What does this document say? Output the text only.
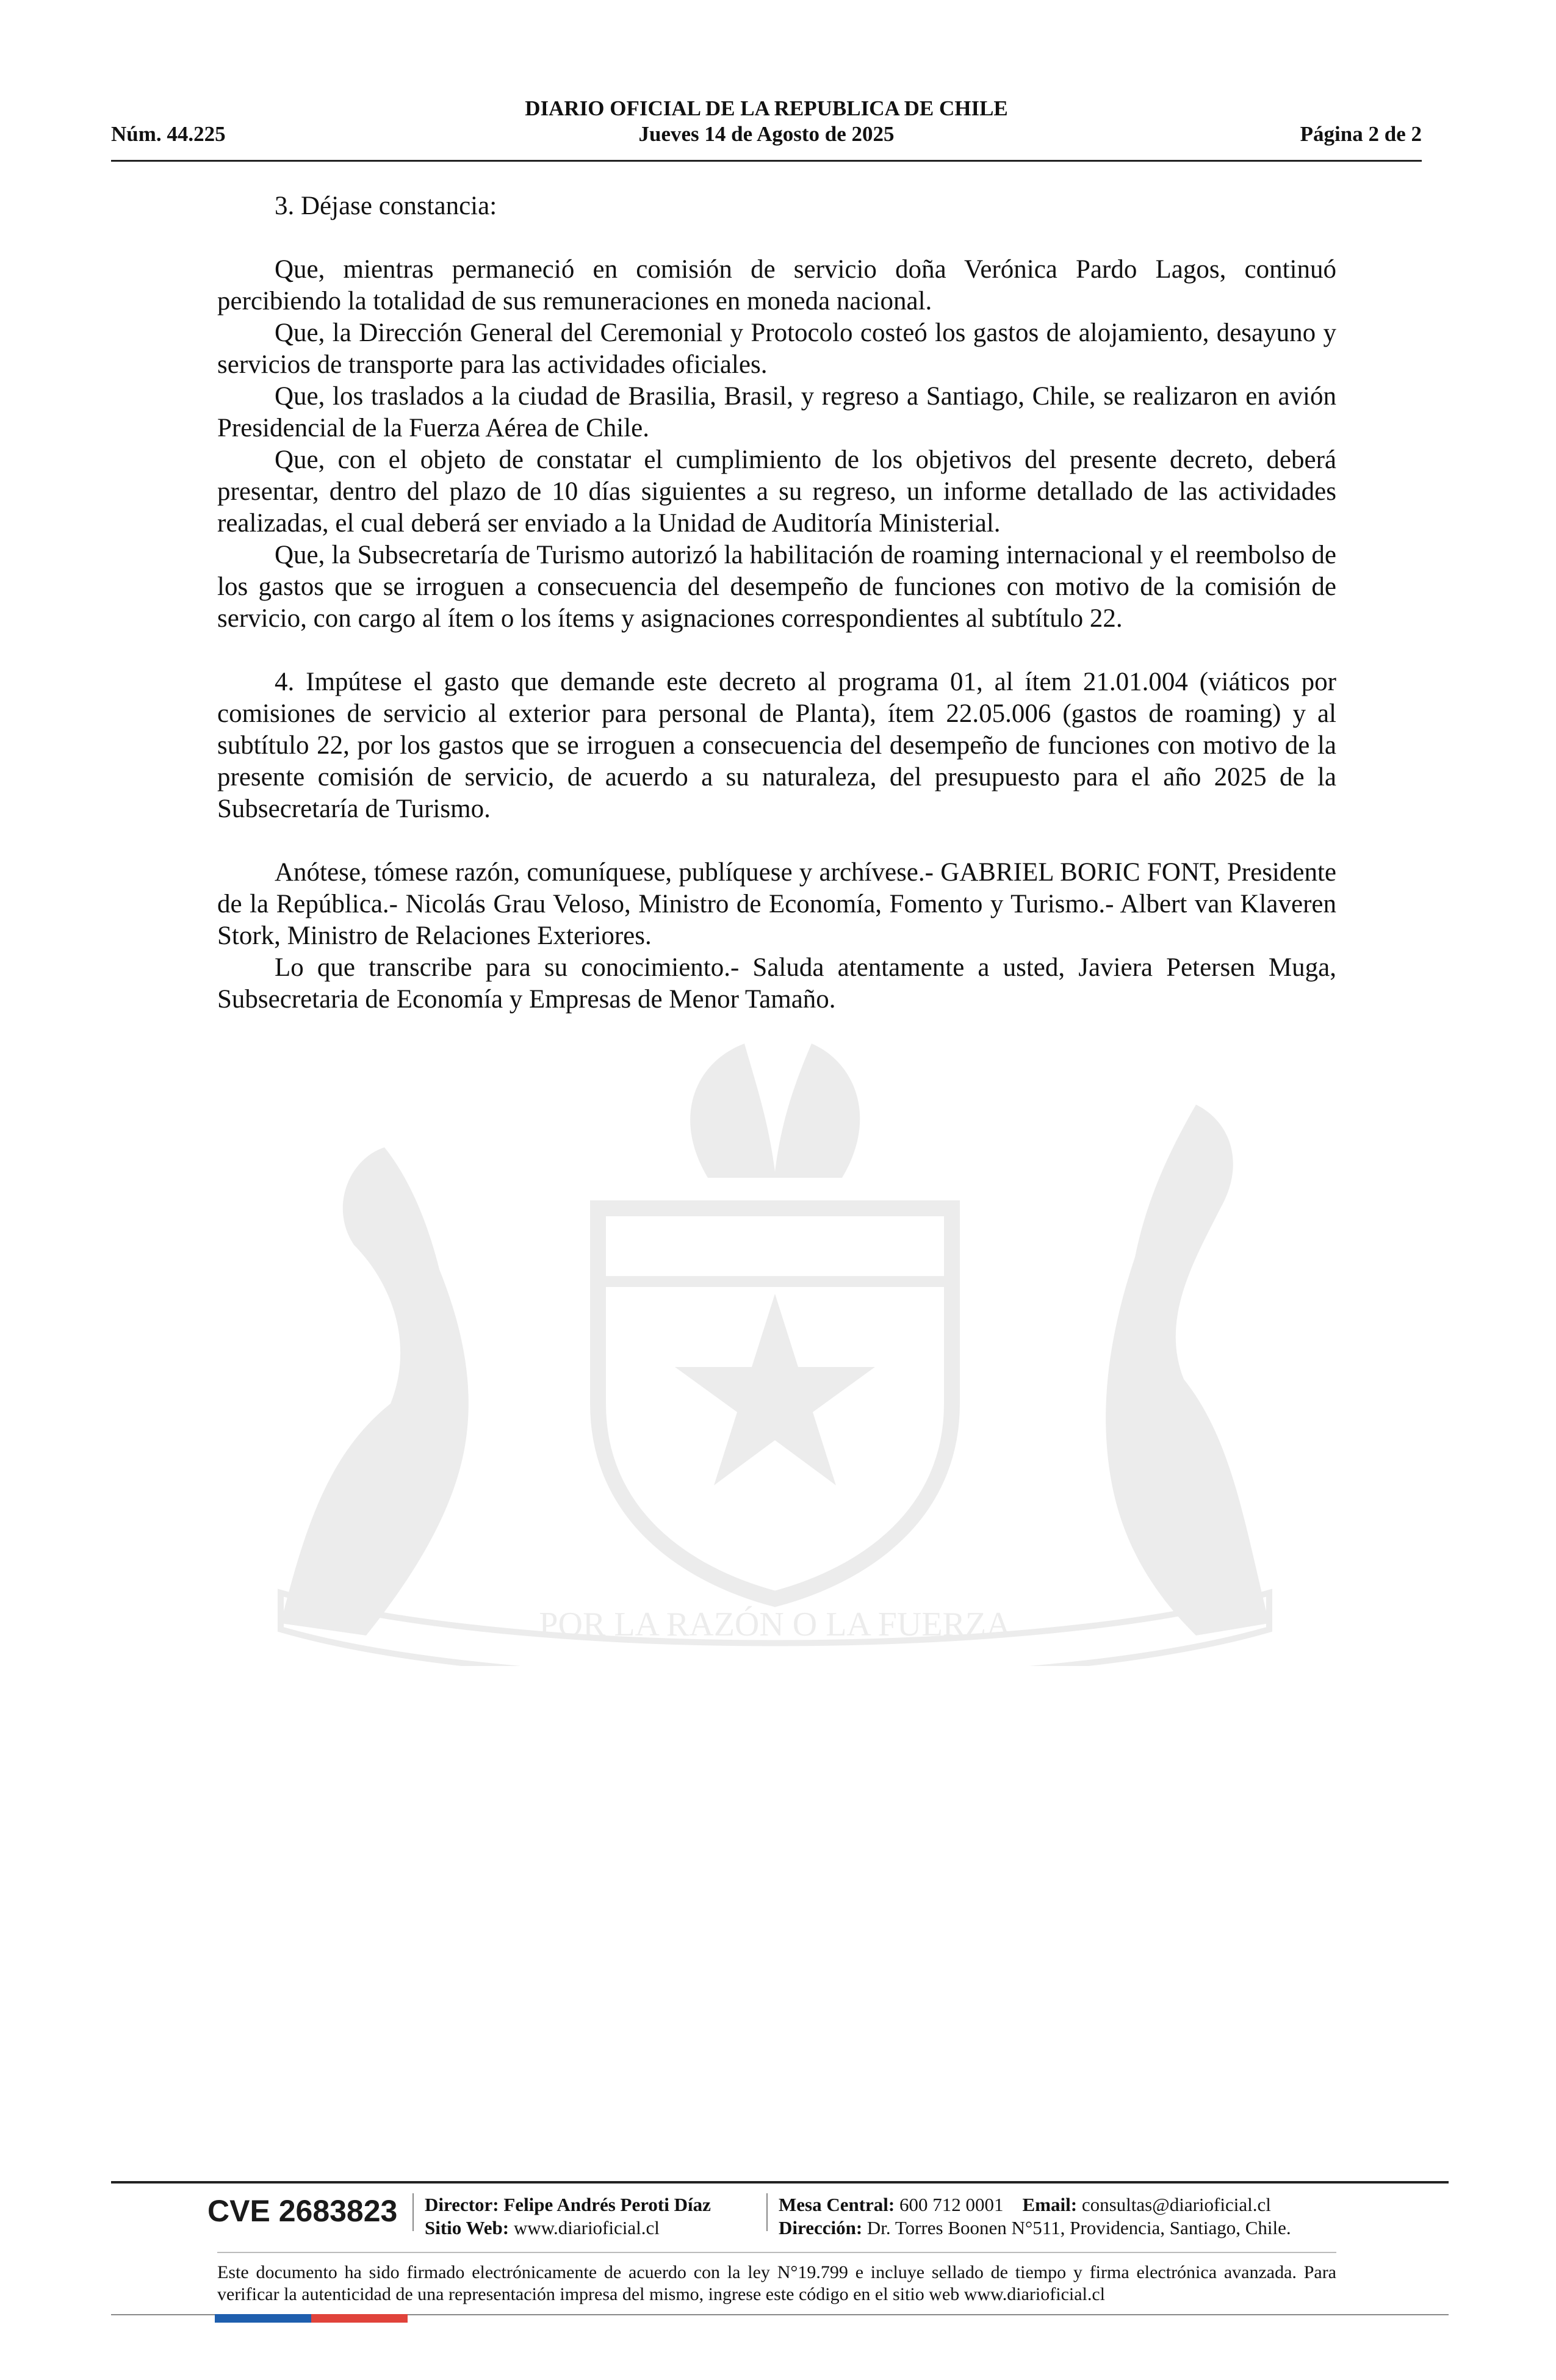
DIARIO OFICIAL DE LA REPUBLICA DE CHILE
Núm. 44.225	Jueves 14 de Agosto de 2025	Página 2 de 2
POR LA RAZÓN O LA FUERZA

3. Déjase constancia:

Que, mientras permaneció en comisión de servicio doña Verónica Pardo Lagos, continuó percibiendo la totalidad de sus remuneraciones en moneda nacional.

Que, la Dirección General del Ceremonial y Protocolo costeó los gastos de alojamiento, desayuno y servicios de transporte para las actividades oficiales.

Que, los traslados a la ciudad de Brasilia, Brasil, y regreso a Santiago, Chile, se realizaron en avión Presidencial de la Fuerza Aérea de Chile.

Que, con el objeto de constatar el cumplimiento de los objetivos del presente decreto, deberá presentar, dentro del plazo de 10 días siguientes a su regreso, un informe detallado de las actividades realizadas, el cual deberá ser enviado a la Unidad de Auditoría Ministerial.

Que, la Subsecretaría de Turismo autorizó la habilitación de roaming internacional y el reembolso de los gastos que se irroguen a consecuencia del desempeño de funciones con motivo de la comisión de servicio, con cargo al ítem o los ítems y asignaciones correspondientes al subtítulo 22.

4. Impútese el gasto que demande este decreto al programa 01, al ítem 21.01.004 (viáticos por comisiones de servicio al exterior para personal de Planta), ítem 22.05.006 (gastos de roaming) y al subtítulo 22, por los gastos que se irroguen a consecuencia del desempeño de funciones con motivo de la presente comisión de servicio, de acuerdo a su naturaleza, del presupuesto para el año 2025 de la Subsecretaría de Turismo.

Anótese, tómese razón, comuníquese, publíquese y archívese.- GABRIEL BORIC FONT, Presidente de la República.- Nicolás Grau Veloso, Ministro de Economía, Fomento y Turismo.- Albert van Klaveren Stork, Ministro de Relaciones Exteriores.

Lo que transcribe para su conocimiento.- Saluda atentamente a usted, Javiera Petersen Muga, Subsecretaria de Economía y Empresas de Menor Tamaño.

CVE 2683823 Director: Felipe Andrés Peroti Díaz
Sitio Web: www.diarioficial.cl
Mesa Central: 600 712 0001 Email: consultas@diarioficial.cl
Dirección: Dr. Torres Boonen N°511, Providencia, Santiago, Chile.
Este documento ha sido firmado electrónicamente de acuerdo con la ley N°19.799 e incluye sellado de tiempo y firma electrónica avanzada. Para verificar la autenticidad de una representación impresa del mismo, ingrese este código en el sitio web www.diarioficial.cl
